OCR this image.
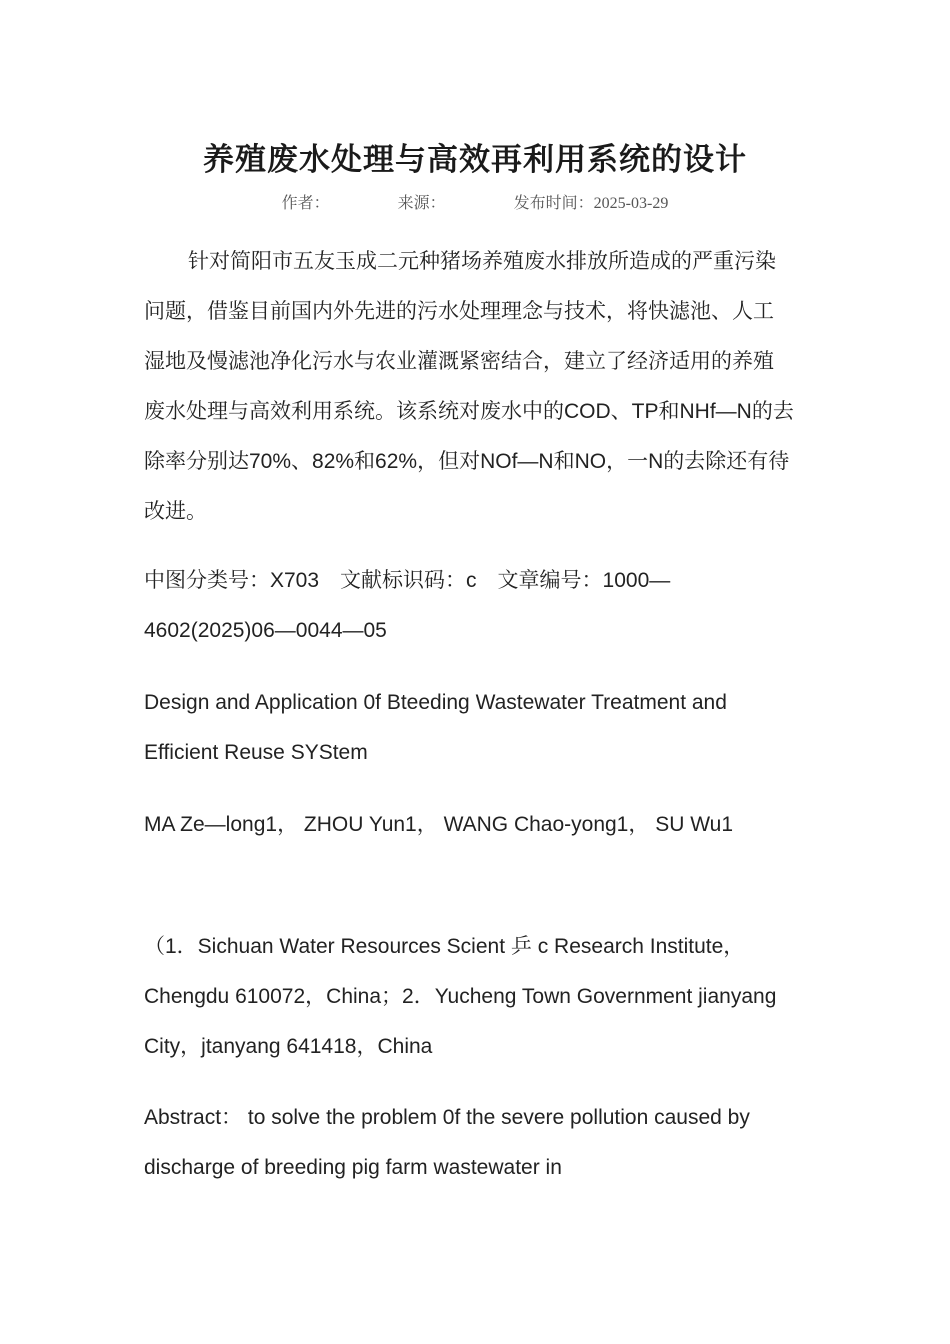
养殖废水处理与高效再利用系统的设计
作者：	来源：	发布时间：2025-03-29

针对简阳市五友玉成二元种猪场养殖废水排放所造成的严重污染问题，借鉴目前国内外先进的污水处理理念与技术，将快滤池、人工湿地及慢滤池净化污水与农业灌溉紧密结合，建立了经济适用的养殖废水处理与高效利用系统。该系统对废水中的COD、TP和NHf—N的去除率分别达70%、82%和62%，但对NOf—N和NO，一N的去除还有待改进。

中图分类号：X703　文献标识码：c　文章编号：1000—4602(2025)06—0044—05

Design and Application 0f Bteeding Wastewater Treatment and Efficient Reuse SYStem

MA Ze—long1， ZHOU Yun1， WANG Chao-yong1， SU Wu1

（1．Sichuan Water Resources Scient 乒 c Research Institute，Chengdu 610072，China；2．Yucheng Town Government jianyang City，jtanyang 641418，China

Abstract： to solve the problem 0f the severe pollution caused by discharge of breeding pig farm wastewater in
